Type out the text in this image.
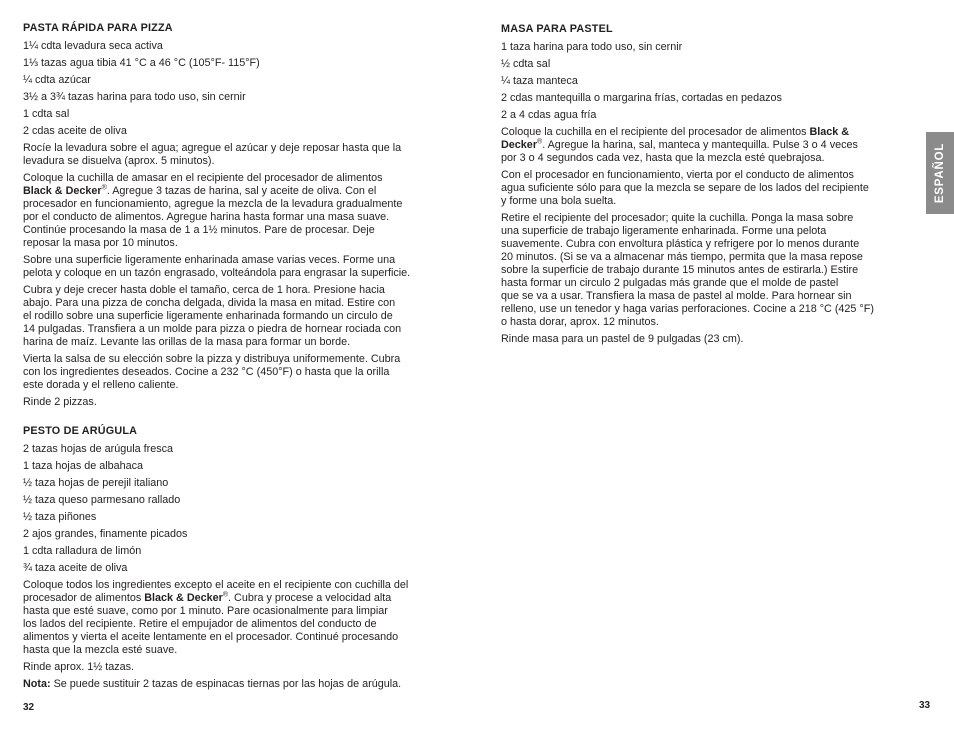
PASTA RÁPIDA PARA PIZZA

1¼ cdta levadura seca activa

1⅓ tazas agua tibia 41 °C a 46 °C (105°F- 115°F)

¼ cdta azúcar

3½ a 3¾ tazas harina para todo uso, sin cernir

1 cdta sal

2 cdas aceite de oliva

Rocíe la levadura sobre el agua; agregue el azúcar y deje reposar hasta que la
levadura se disuelva (aprox. 5 minutos).

Coloque la cuchilla de amasar en el recipiente del procesador de alimentos
Black & Decker®. Agregue 3 tazas de harina, sal y aceite de oliva. Con el
procesador en funcionamiento, agregue la mezcla de la levadura gradualmente
por el conducto de alimentos. Agregue harina hasta formar una masa suave.
Continúe procesando la masa de 1 a 1½ minutos. Pare de procesar. Deje
reposar la masa por 10 minutos.

Sobre una superficie ligeramente enharinada amase varias veces. Forme una
pelota y coloque en un tazón engrasado, volteándola para engrasar la superficie.

Cubra y deje crecer hasta doble el tamaño, cerca de 1 hora. Presione hacia
abajo. Para una pizza de concha delgada, divida la masa en mitad. Estire con
el rodillo sobre una superficie ligeramente enharinada formando un circulo de
14 pulgadas. Transfiera a un molde para pizza o piedra de hornear rociada con
harina de maíz. Levante las orillas de la masa para formar un borde.

Vierta la salsa de su elección sobre la pizza y distribuya uniformemente. Cubra
con los ingredientes deseados. Cocine a 232 °C (450°F) o hasta que la orilla
este dorada y el relleno caliente.

Rinde 2 pizzas.

PESTO DE ARÚGULA

2 tazas hojas de arúgula fresca

1 taza hojas de albahaca

½ taza hojas de perejil italiano

½ taza queso parmesano rallado

½ taza piñones

2 ajos grandes, finamente picados

1 cdta ralladura de limón

¾ taza aceite de oliva

Coloque todos los ingredientes excepto el aceite en el recipiente con cuchilla del
procesador de alimentos Black & Decker®. Cubra y procese a velocidad alta
hasta que esté suave, como por 1 minuto. Pare ocasionalmente para limpiar
los lados del recipiente. Retire el empujador de alimentos del conducto de
alimentos y vierta el aceite lentamente en el procesador. Continué procesando
hasta que la mezcla esté suave.

Rinde aprox. 1½ tazas.

Nota: Se puede sustituir 2 tazas de espinacas tiernas por las hojas de arúgula.

32
MASA PARA PASTEL

1 taza harina para todo uso, sin cernir

½ cdta sal

¼ taza manteca

2 cdas mantequilla o margarina frías, cortadas en pedazos

2 a 4 cdas agua fría

Coloque la cuchilla en el recipiente del procesador de alimentos Black &
Decker®. Agregue la harina, sal, manteca y mantequilla. Pulse 3 o 4 veces
por 3 o 4 segundos cada vez, hasta que la mezcla esté quebrajosa.

Con el procesador en funcionamiento, vierta por el conducto de alimentos
agua suficiente sólo para que la mezcla se separe de los lados del recipiente
y forme una bola suelta.

Retire el recipiente del procesador; quite la cuchilla. Ponga la masa sobre
una superficie de trabajo ligeramente enharinada. Forme una pelota
suavemente. Cubra con envoltura plástica y refrigere por lo menos durante
20 minutos. (Si se va a almacenar más tiempo, permita que la masa repose
sobre la superficie de trabajo durante 15 minutos antes de estirarla.) Estire
hasta formar un circulo 2 pulgadas más grande que el molde de pastel
que se va a usar. Transfiera la masa de pastel al molde. Para hornear sin
relleno, use un tenedor y haga varias perforaciones. Cocine a 218 °C (425 °F)
o hasta dorar, aprox. 12 minutos.

Rinde masa para un pastel de 9 pulgadas (23 cm).

ESPAÑOL
33
